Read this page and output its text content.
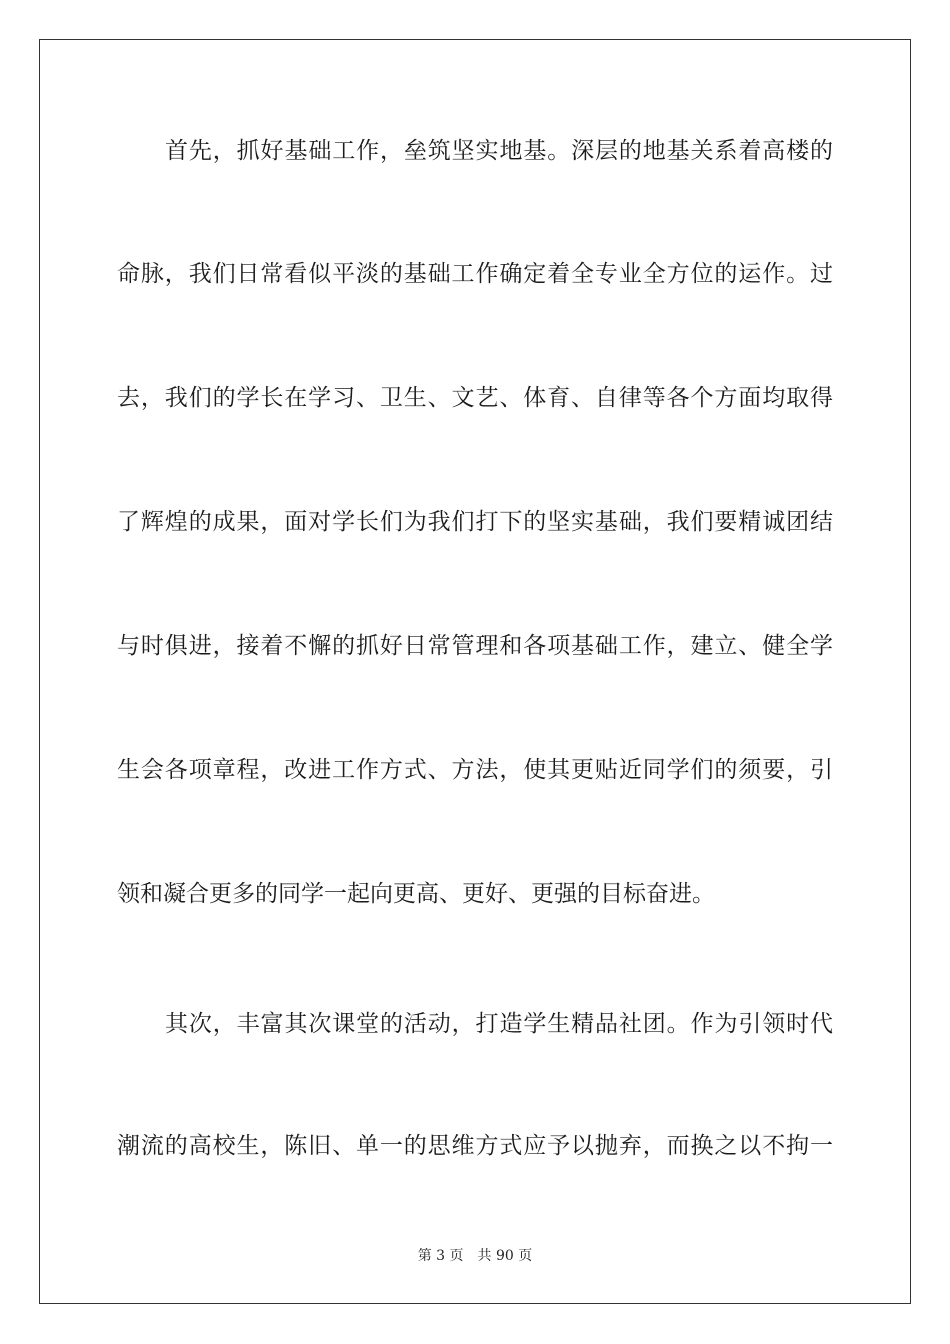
首先，抓好基础工作，垒筑坚实地基。深层的地基关系着高楼的
命脉，我们日常看似平淡的基础工作确定着全专业全方位的运作。过
去，我们的学长在学习、卫生、文艺、体育、自律等各个方面均取得
了辉煌的成果，面对学长们为我们打下的坚实基础，我们要精诚团结
与时俱进，接着不懈的抓好日常管理和各项基础工作，建立、健全学
生会各项章程，改进工作方式、方法，使其更贴近同学们的须要，引
领和凝合更多的同学一起向更高、更好、更强的目标奋进。
其次，丰富其次课堂的活动，打造学生精品社团。作为引领时代
潮流的高校生，陈旧、单一的思维方式应予以抛弃，而换之以不拘一
第 3 页 共 90 页
